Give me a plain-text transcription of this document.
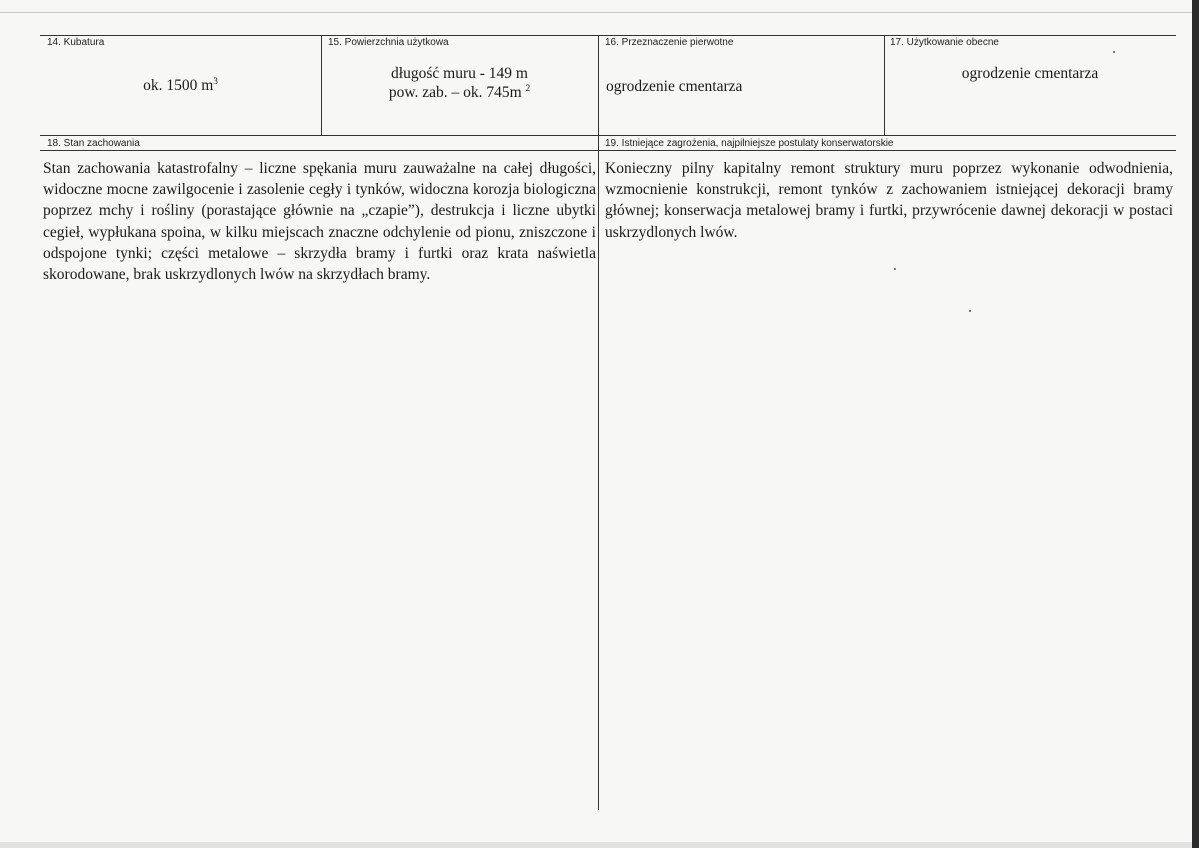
14. Kubatura
ok. 1500 $m^3$
15. Powierzchnia użytkowa
długość muru - 149 m
pow. zab. – ok. 745m $^2$
16. Przeznaczenie pierwotne
ogrodzenie cmentarza
17. Użytkowanie obecne
ogrodzenie cmentarza
18. Stan zachowania
Stan zachowania katastrofalny – liczne spękania muru zauważalne na całej długości, widoczne mocne zawilgocenie i zasolenie cegły i tynków, widoczna korozja biologiczna poprzez mchy i rośliny (porastające głównie na „czapie”), destrukcja i liczne ubytki cegieł, wypłukana spoina, w kilku miejscach znaczne odchylenie od pionu, zniszczone i odspojone tynki; części metalowe – skrzydła bramy i furtki oraz krata naświetla skorodowane, brak uskrzydlonych lwów na skrzydłach bramy.
19. Istniejące zagrożenia, najpilniejsze postulaty konserwatorskie
Konieczny pilny kapitalny remont struktury muru poprzez wykonanie odwodnienia, wzmocnienie konstrukcji, remont tynków z zachowaniem istniejącej dekoracji bramy głównej; konserwacja metalowej bramy i furtki, przywrócenie dawnej dekoracji w postaci uskrzydlonych lwów.
